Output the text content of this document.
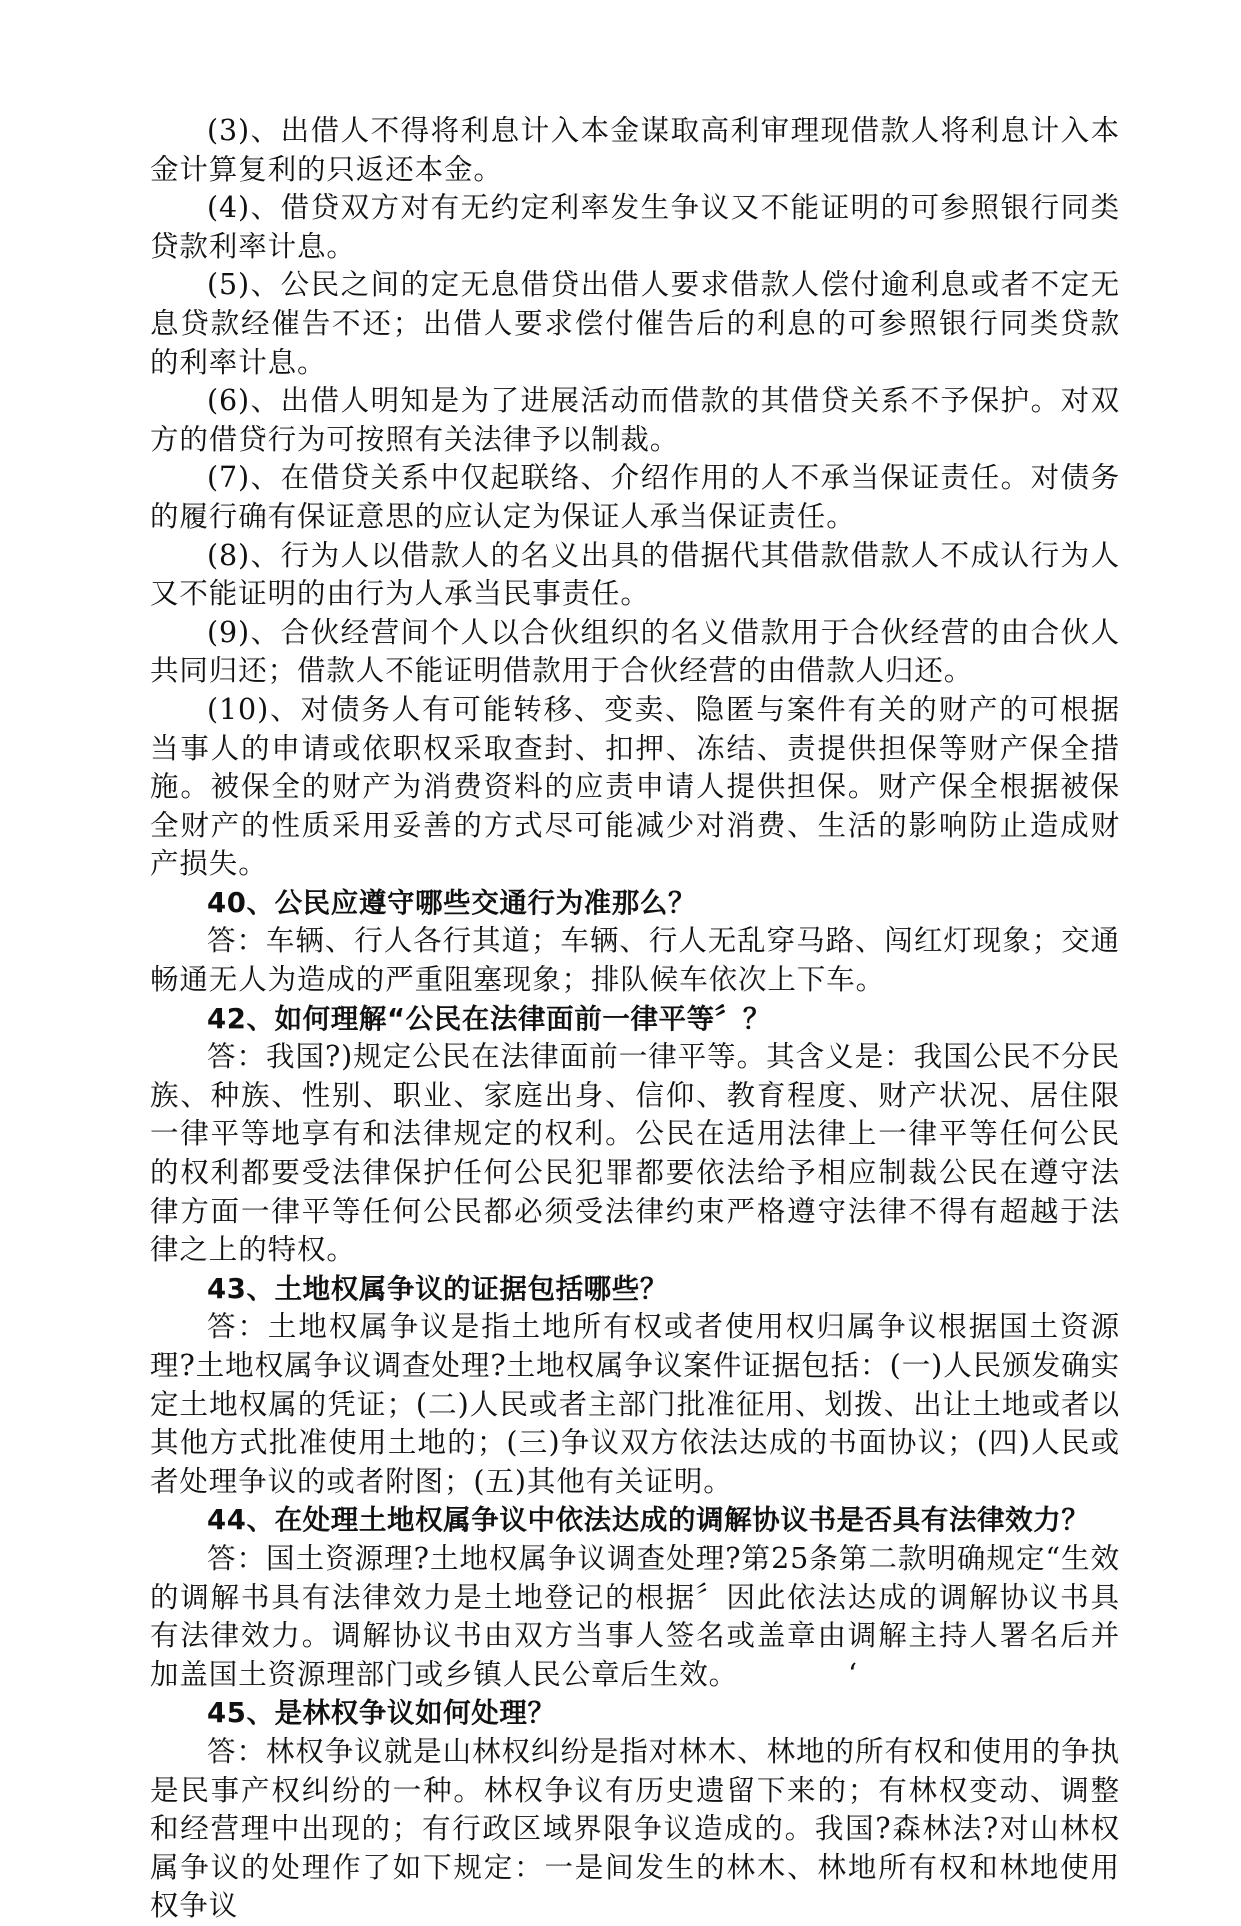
(3)、出借人不得将利息计入本金谋取高利审理现借款人将利息计入本金计算复利的只返还本金。

(4)、借贷双方对有无约定利率发生争议又不能证明的可参照银行同类贷款利率计息。

(5)、公民之间的定无息借贷出借人要求借款人偿付逾利息或者不定无息贷款经催告不还；出借人要求偿付催告后的利息的可参照银行同类贷款的利率计息。

(6)、出借人明知是为了进展活动而借款的其借贷关系不予保护。对双方的借贷行为可按照有关法律予以制裁。

(7)、在借贷关系中仅起联络、介绍作用的人不承当保证责任。对债务的履行确有保证意思的应认定为保证人承当保证责任。

(8)、行为人以借款人的名义出具的借据代其借款借款人不成认行为人又不能证明的由行为人承当民事责任。

(9)、合伙经营间个人以合伙组织的名义借款用于合伙经营的由合伙人共同归还；借款人不能证明借款用于合伙经营的由借款人归还。

(10)、对债务人有可能转移、变卖、隐匿与案件有关的财产的可根据当事人的申请或依职权采取查封、扣押、冻结、责提供担保等财产保全措施。被保全的财产为消费资料的应责申请人提供担保。财产保全根据被保全财产的性质采用妥善的方式尽可能减少对消费、生活的影响防止造成财产损失。

40、公民应遵守哪些交通行为准那么？

答：车辆、行人各行其道；车辆、行人无乱穿马路、闯红灯现象；交通畅通无人为造成的严重阻塞现象；排队候车依次上下车。

42、如何理解“公民在法律面前一律平等〞？

答：我国?)规定公民在法律面前一律平等。其含义是：我国公民不分民族、种族、性别、职业、家庭出身、信仰、教育程度、财产状况、居住限一律平等地享有和法律规定的权利。公民在适用法律上一律平等任何公民的权利都要受法律保护任何公民犯罪都要依法给予相应制裁公民在遵守法律方面一律平等任何公民都必须受法律约束严格遵守法律不得有超越于法律之上的特权。

43、土地权属争议的证据包括哪些？

答：土地权属争议是指土地所有权或者使用权归属争议根据国土资源理?土地权属争议调查处理?土地权属争议案件证据包括：(一)人民颁发确实定土地权属的凭证；(二)人民或者主部门批准征用、划拨、出让土地或者以其他方式批准使用土地的；(三)争议双方依法达成的书面协议；(四)人民或者处理争议的或者附图；(五)其他有关证明。

44、在处理土地权属争议中依法达成的调解协议书是否具有法律效力？

答：国土资源理?土地权属争议调查处理?第25条第二款明确规定“生效的调解书具有法律效力是土地登记的根据〞因此依法达成的调解协议书具有法律效力。调解协议书由双方当事人签名或盖章由调解主持人署名后并加盖国土资源理部门或乡镇人民公章后生效。	‘

45、是林权争议如何处理？

答：林权争议就是山林权纠纷是指对林木、林地的所有权和使用的争执是民事产权纠纷的一种。林权争议有历史遗留下来的；有林权变动、调整和经营理中出现的；有行政区域界限争议造成的。我国?森林法?对山林权属争议的处理作了如下规定：一是间发生的林木、林地所有权和林地使用权争议
